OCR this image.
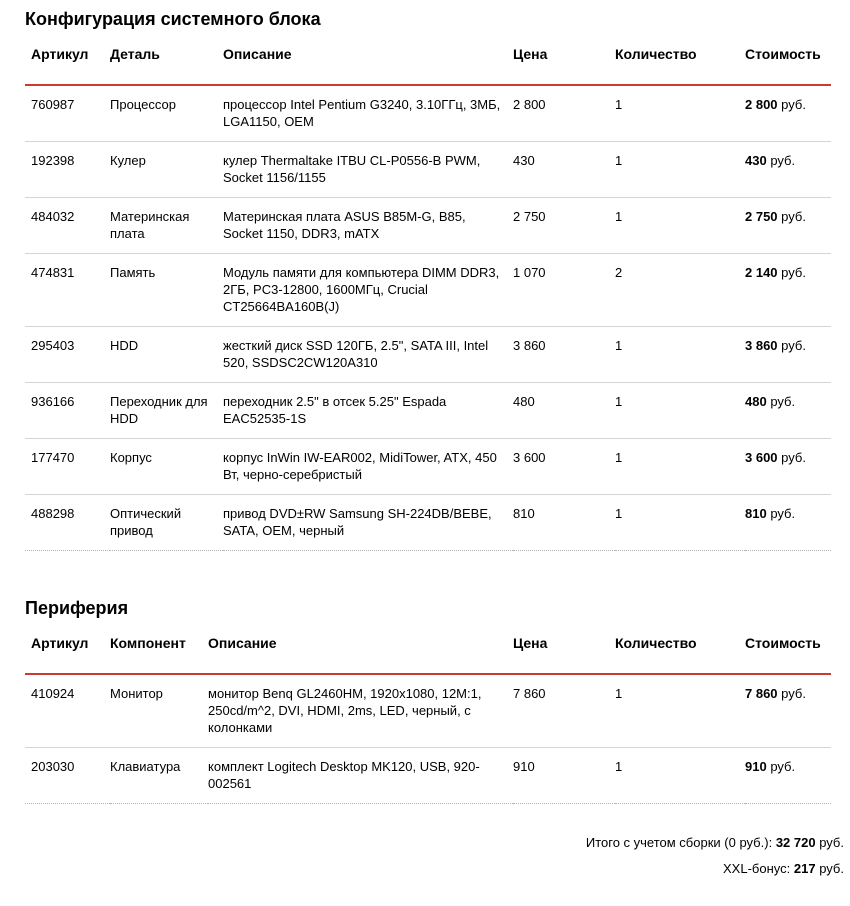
Конфигурация системного блока
Артикул	Деталь	Описание	Цена	Количество	Стоимость
760987	Процессор	процессор Intel Pentium G3240, 3.10ГГц, 3МБ, LGA1150, OEM	2 800	1	2 800 руб.
192398	Кулер	кулер Thermaltake ITBU CL-P0556-B PWM, Socket 1156/1155	430	1	430 руб.
484032	Материнская плата	Материнская плата ASUS B85M-G, B85, Socket 1150, DDR3, mATX	2 750	1	2 750 руб.
474831	Память	Модуль памяти для компьютера DIMM DDR3, 2ГБ, PC3-12800, 1600МГц, Crucial CT25664BA160B(J)	1 070	2	2 140 руб.
295403	HDD	жесткий диск SSD 120ГБ, 2.5", SATA III, Intel 520, SSDSC2CW120A310	3 860	1	3 860 руб.
936166	Переходник для HDD	переходник 2.5" в отсек 5.25" Espada EAC52535-1S	480	1	480 руб.
177470	Корпус	корпус InWin IW-EAR002, MidiTower, ATX, 450 Вт, черно-серебристый	3 600	1	3 600 руб.
488298	Оптический привод	привод DVD±RW Samsung SH-224DB/BEBE, SATA, OEM, черный	810	1	810 руб.
Периферия
Артикул	Компонент	Описание	Цена	Количество	Стоимость
410924	Монитор	монитор Benq GL2460HM, 1920x1080, 12M:1, 250cd/m^2, DVI, HDMI, 2ms, LED, черный, с колонками	7 860	1	7 860 руб.
203030	Клавиатура	комплект Logitech Desktop MK120, USB, 920-002561	910	1	910 руб.
Итого с учетом сборки (0 руб.): 32 720 руб.
XXL-бонус: 217 руб.
